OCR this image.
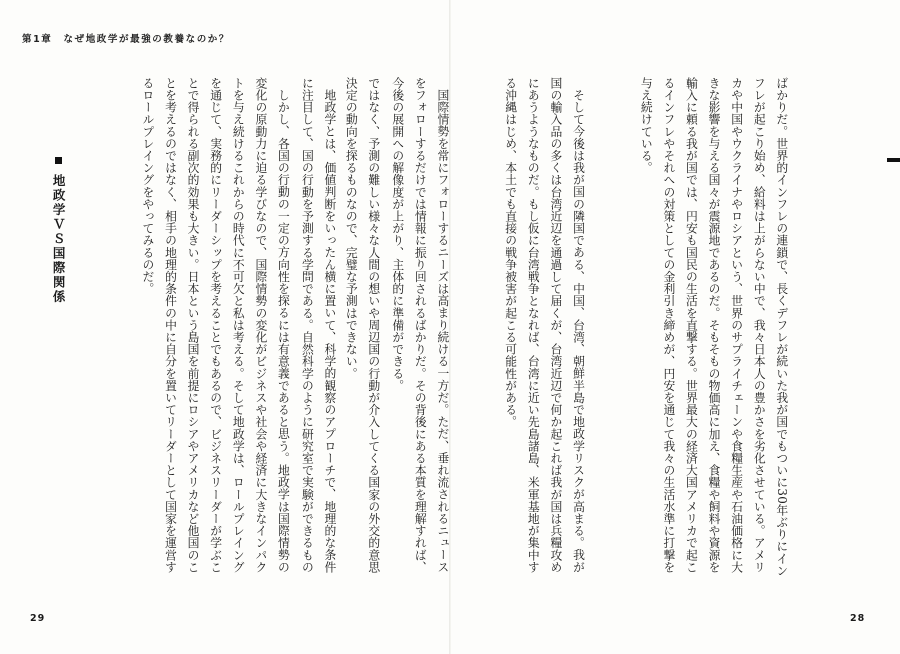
第1章　なぜ地政学が最強の教養なのか？

ばかりだ。世界的インフレの連鎖で、長くデフレが続いた我が国でもついに30年ぶりにインフレが起こり始め、給料は上がらない中で、我々日本人の豊かさを劣化させている。アメリカや中国やウクライナやロシアという、世界のサプライチェーンや食糧生産や石油価格に大きな影響を与える国々が震源地であるのだ。そもそもの物価高に加え、食糧や飼料や資源を輸入に頼る我が国では、円安も国民の生活を直撃する。世界最大の経済大国アメリカで起こるインフレやそれへの対策としての金利引き締めが、円安を通じて我々の生活水準に打撃を与え続けている。

そして今後は我が国の隣国である、中国、台湾、朝鮮半島で地政学リスクが高まる。我が国の輸入品の多くは台湾近辺を通過して届くが、台湾近辺で何か起これば我が国は兵糧攻めにあうようなものだ。もし仮に台湾戦争となれば、台湾に近い先島諸島、米軍基地が集中する沖縄はじめ、本土でも直接の戦争被害が起こる可能性がある。

国際情勢を常にフォローするニーズは高まり続ける一方だ。ただ、垂れ流されるニュースをフォローするだけでは情報に振り回されるばかりだ。その背後にある本質を理解すれば、今後の展開への解像度が上がり、主体的に準備ができる。

地政学とは、価値判断をいったん横に置いて、科学的観察のアプローチで、地理的な条件に注目して、国の行動を予測する学問である。自然科学のように研究室で実験ができるもの

	ではなく、予測の難しい様々な人間の想いや周辺国の行動が介入してくる国家の外交的意思決定の動向を探るものなので、完璧な予測はできない。

しかし、各国の行動の一定の方向性を探るには有意義であると思う。地政学は国際情勢の変化の原動力に迫る学びなので、国際情勢の変化がビジネスや社会や経済に大きなインパクトを与え続けるこれからの時代に不可欠と私は考える。そして地政学は、ロールプレイングを通じて、実務的にリーダーシップを考えることでもあるので、ビジネスリーダーが学ぶことで得られる副次的効果も大きい。日本という島国を前提にロシアやアメリカなど他国のことを考えるのではなく、相手の地理的条件の中に自分を置いてリーダーとして国家を運営するロールプレイングをやってみるのだ。

地政学ＶＳ国際関係

29	28
